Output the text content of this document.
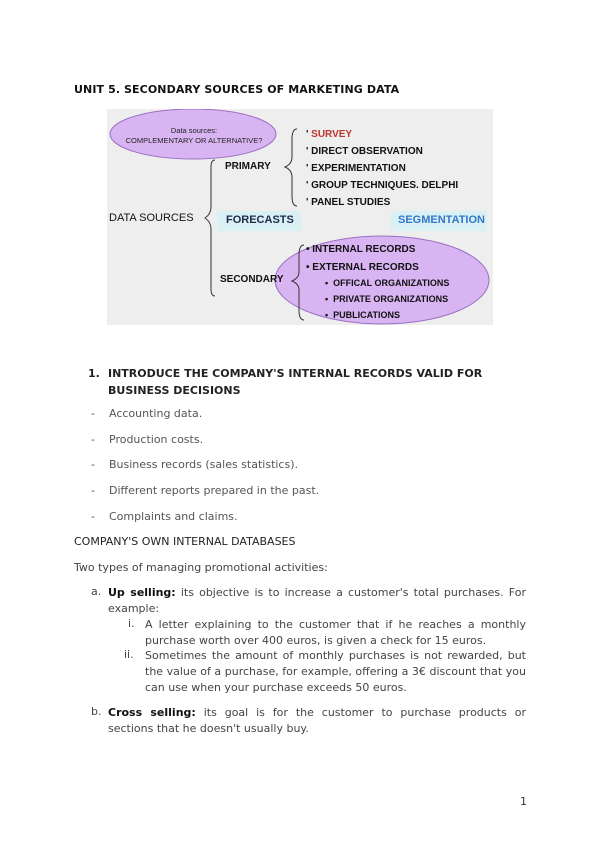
UNIT 5. SECONDARY SOURCES OF MARKETING DATA
Data sources:
COMPLEMENTARY OR ALTERNATIVE?
PRIMARY
DATA SOURCES	FORECASTS	SEGMENTATION
SECONDARY
' SURVEY
' DIRECT OBSERVATION
' EXPERIMENTATION
' GROUP TECHNIQUES. DELPHI
' PANEL STUDIES
• INTERNAL RECORDS
• EXTERNAL RECORDS
•  OFFICAL ORGANIZATIONS
•  PRIVATE ORGANIZATIONS
•  PUBLICATIONS
1. INTRODUCE THE COMPANY'S INTERNAL RECORDS VALID FOR BUSINESS DECISIONS
- Accounting data.
- Production costs.
- Business records (sales statistics).
- Different reports prepared in the past.
- Complaints and claims.
COMPANY'S OWN INTERNAL DATABASES
Two types of managing promotional activities:
a. Up selling: its objective is to increase a customer's total purchases. For example:
i. A letter explaining to the customer that if he reaches a monthly purchase worth over 400 euros, is given a check for 15 euros.
ii. Sometimes the amount of monthly purchases is not rewarded, but the value of a purchase, for example, offering a 3€ discount that you can use when your purchase exceeds 50 euros.
b. Cross selling: its goal is for the customer to purchase products or sections that he doesn't usually buy.
1
